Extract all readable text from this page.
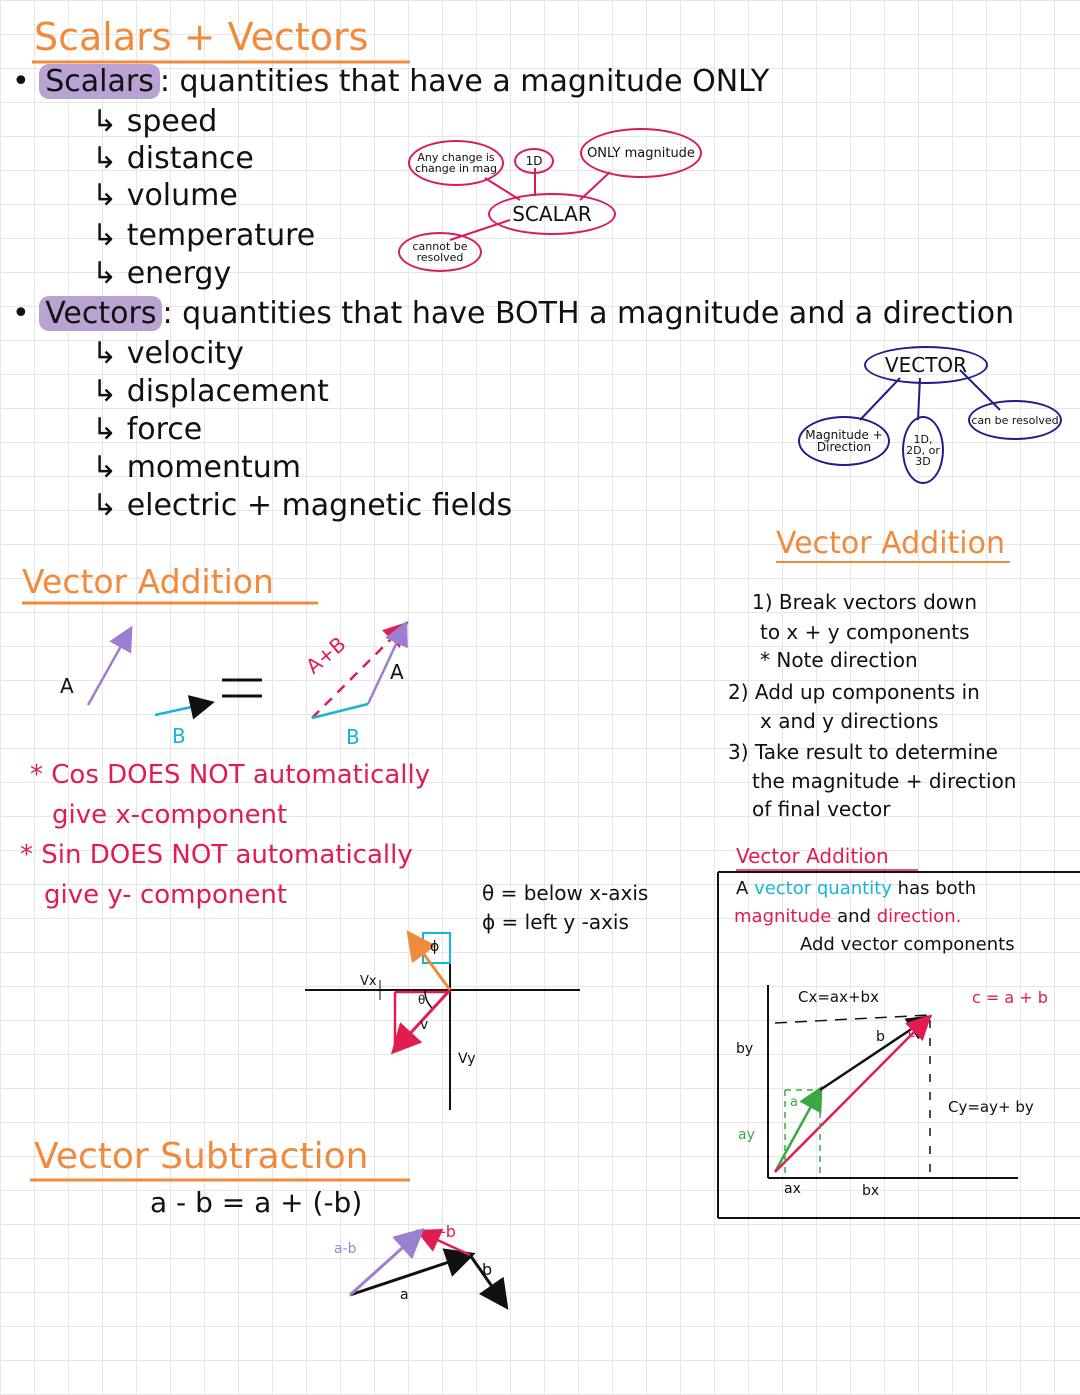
Scalars + Vectors
• Scalars : quantities that have a magnitude ONLY
↳ speed
↳ distance
↳ volume
↳ temperature
↳ energy
Any change is change in mag
1D
ONLY magnitude
SCALAR
cannot be resolved
• Vectors : quantities that have BOTH a magnitude and a direction
↳ velocity
↳ displacement
↳ force
↳ momentum
↳ electric + magnetic fields
VECTOR
Magnitude + Direction
1D, 2D, or 3D
can be resolved
Vector Addition
A
B
A+B A
B
* Cos DOES NOT automatically
give x-component
* Sin DOES NOT automatically
give y- component	θ = below x-axis
ϕ = left y -axis
Vx
Vy
v
ϕ
θ
Vector Subtraction
a - b = a + (-b)
a-b
a
-b
b
Vector Addition
1) Break vectors down
to x + y components
* Note direction
2) Add up components in
x and y directions
3) Take result to determine
the magnitude + direction
of final vector
Vector Addition
A vector quantity has both
magnitude and direction.
Add vector components
Cx=ax+bx	c = a + b
Cy=ay+ by
by
ay
ax	bx
a
b c
